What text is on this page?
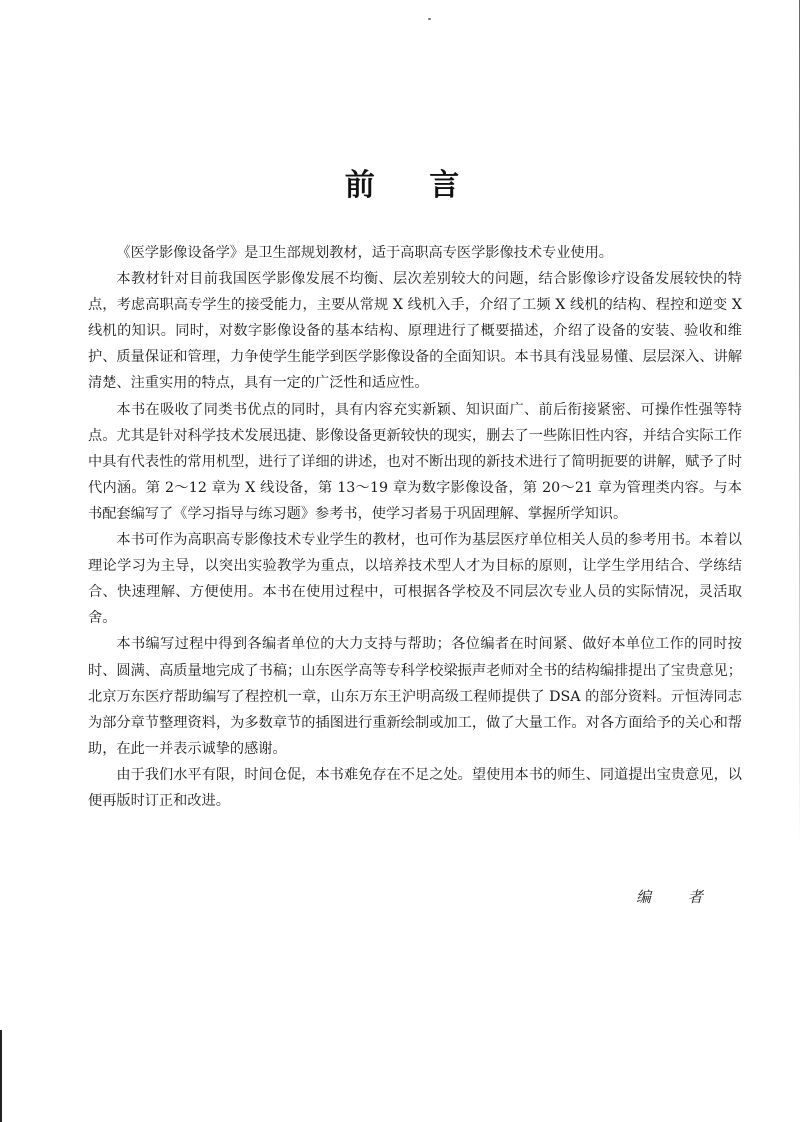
前 言

《医学影像设备学》是卫生部规划教材，适于高职高专医学影像技术专业使用。

本教材针对目前我国医学影像发展不均衡、层次差别较大的问题，结合影像诊疗设备发展较快的特点，考虑高职高专学生的接受能力，主要从常规 X 线机入手，介绍了工频 X 线机的结构、程控和逆变 X 线机的知识。同时，对数字影像设备的基本结构、原理进行了概要描述，介绍了设备的安装、验收和维护、质量保证和管理，力争使学生能学到医学影像设备的全面知识。本书具有浅显易懂、层层深入、讲解清楚、注重实用的特点，具有一定的广泛性和适应性。

本书在吸收了同类书优点的同时，具有内容充实新颖、知识面广、前后衔接紧密、可操作性强等特点。尤其是针对科学技术发展迅捷、影像设备更新较快的现实，删去了一些陈旧性内容，并结合实际工作中具有代表性的常用机型，进行了详细的讲述，也对不断出现的新技术进行了简明扼要的讲解，赋予了时代内涵。第 2～12 章为 X 线设备，第 13～19 章为数字影像设备，第 20～21 章为管理类内容。与本书配套编写了《学习指导与练习题》参考书，使学习者易于巩固理解、掌握所学知识。

本书可作为高职高专影像技术专业学生的教材，也可作为基层医疗单位相关人员的参考用书。本着以理论学习为主导，以突出实验教学为重点，以培养技术型人才为目标的原则，让学生学用结合、学练结合、快速理解、方便使用。本书在使用过程中，可根据各学校及不同层次专业人员的实际情况，灵活取舍。

本书编写过程中得到各编者单位的大力支持与帮助；各位编者在时间紧、做好本单位工作的同时按时、圆满、高质量地完成了书稿；山东医学高等专科学校梁振声老师对全书的结构编排提出了宝贵意见；北京万东医疗帮助编写了程控机一章，山东万东王沪明高级工程师提供了 DSA 的部分资料。亓恒涛同志为部分章节整理资料，为多数章节的插图进行重新绘制或加工，做了大量工作。对各方面给予的关心和帮助，在此一并表示诚挚的感谢。

由于我们水平有限，时间仓促，本书难免存在不足之处。望使用本书的师生、同道提出宝贵意见，以便再版时订正和改进。

编 者
